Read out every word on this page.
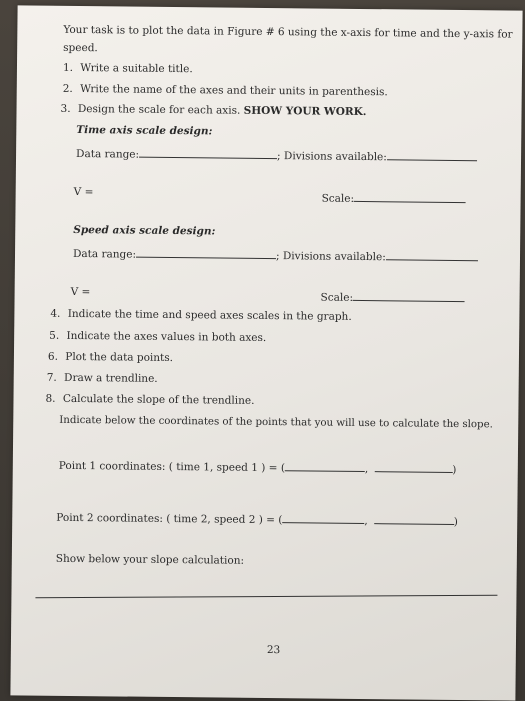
Your task is to plot the data in Figure # 6 using the x-axis for time and the y-axis for
speed.
1. Write a suitable title.
2. Write the name of the axes and their units in parenthesis.
3. Design the scale for each axis. SHOW YOUR WORK.
Time axis scale design:
Data range:	; Divisions available:
V =
Scale:
Speed axis scale design:
Data range:	; Divisions available:
V =	Scale:
4. Indicate the time and speed axes scales in the graph.
5. Indicate the axes values in both axes.
6. Plot the data points.
7. Draw a trendline.
8. Calculate the slope of the trendline.
Indicate below the coordinates of the points that you will use to calculate the slope.
Point 1 coordinates: ( time 1, speed 1 ) = (	,	)
Point 2 coordinates: ( time 2, speed 2 ) = (	,	)
Show below your slope calculation:
23
